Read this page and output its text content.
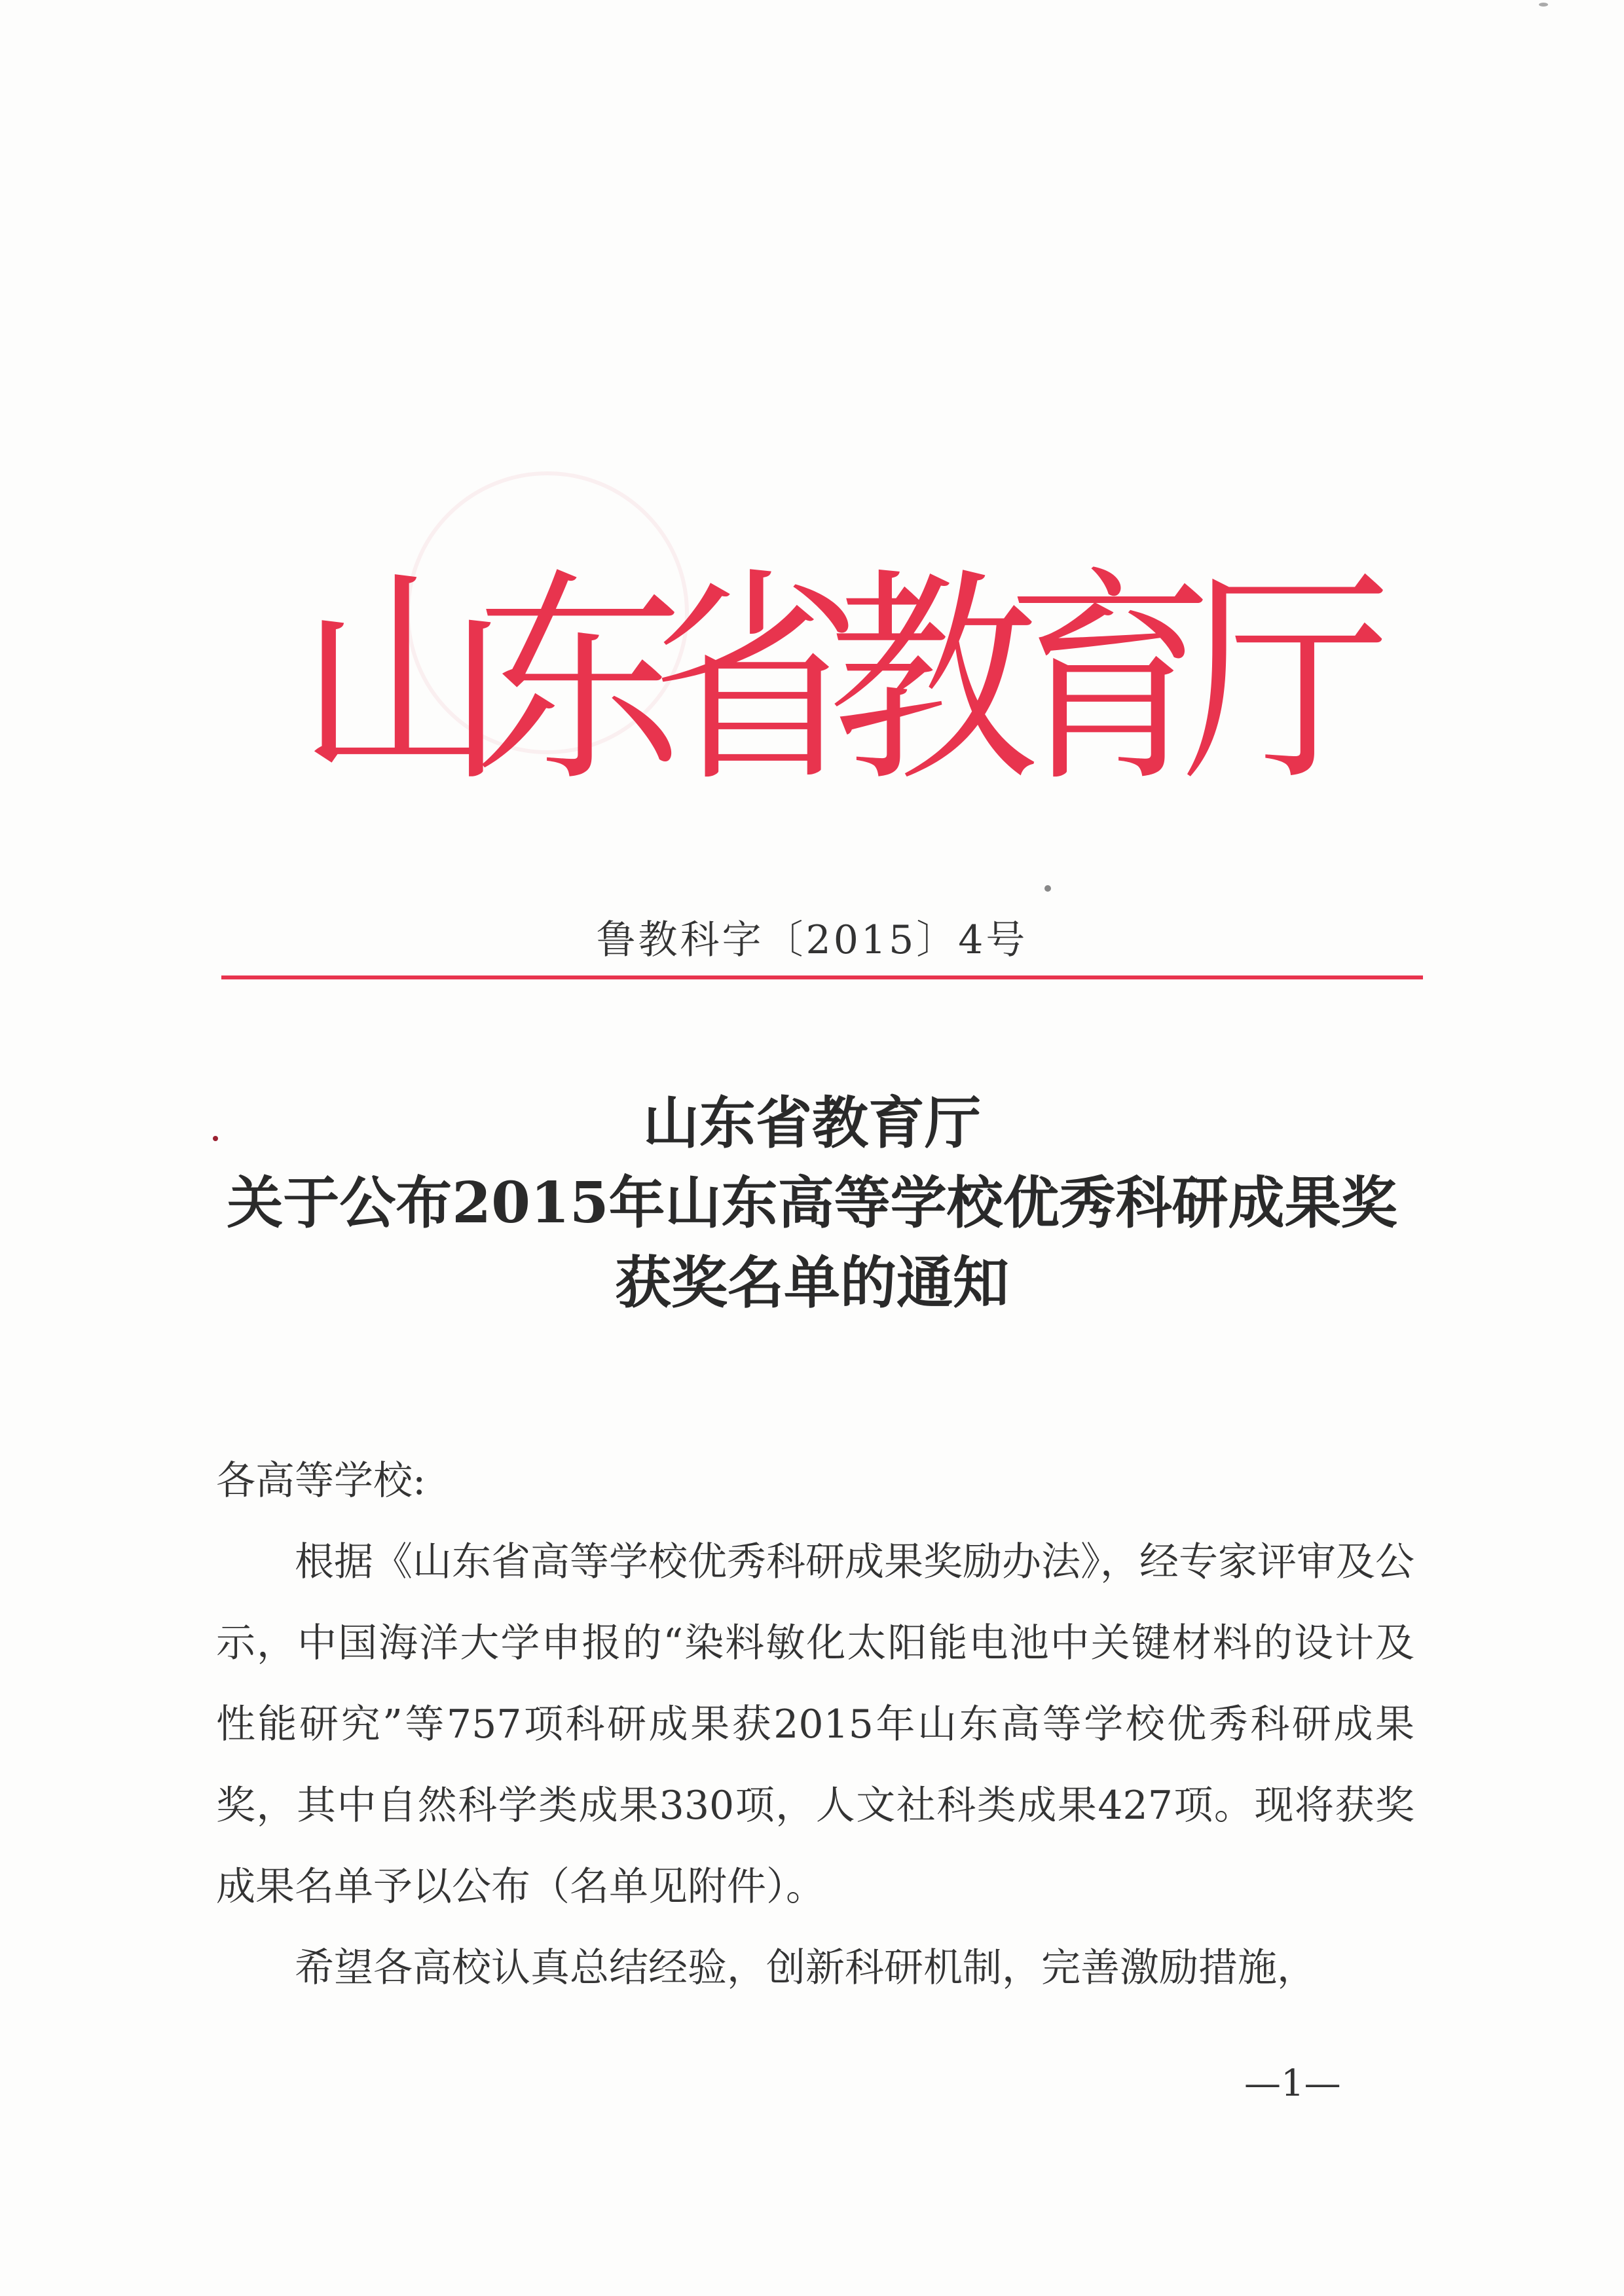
山
东
省
教
育
厅
鲁教科字〔2015〕4号
山东省教育厅
关于公布2015年山东高等学校优秀科研成果奖
获奖名单的通知

各高等学校:

根据《山东省高等学校优秀科研成果奖励办法》，经专家评审及公示，中国海洋大学申报的“染料敏化太阳能电池中关键材料的设计及性能研究”等757项科研成果获2015年山东高等学校优秀科研成果奖，其中自然科学类成果330项，人文社科类成果427项。现将获奖成果名单予以公布（名单见附件）。

希望各高校认真总结经验，创新科研机制，完善激励措施，

—1—
